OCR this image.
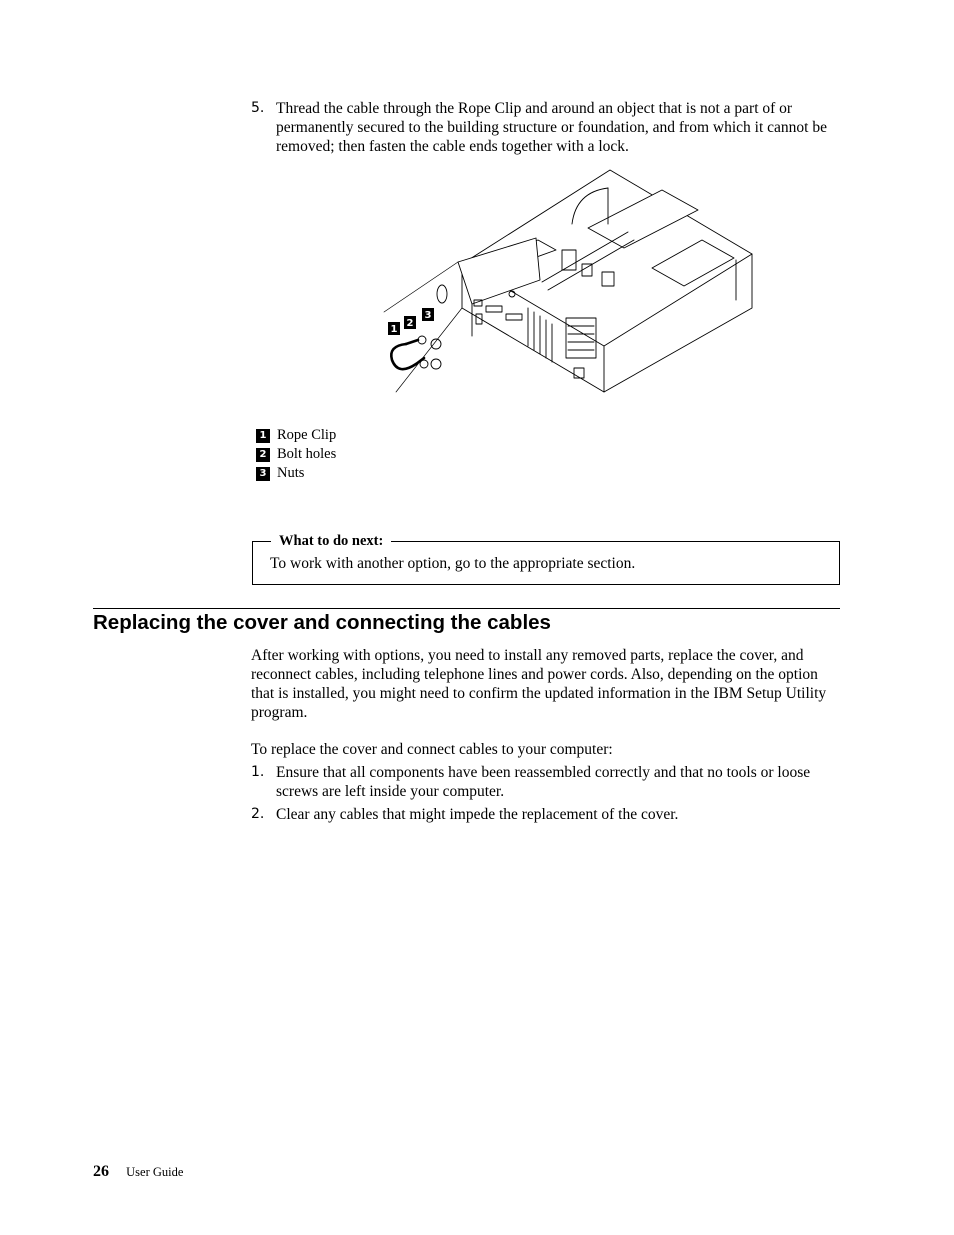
5. Thread the cable through the Rope Clip and around an object that is not a part of or permanently secured to the building structure or foundation, and from which it cannot be removed; then fasten the cable ends together with a lock.
1
2
3
1 Rope Clip
2 Bolt holes
3 Nuts
What to do next:
To work with another option, go to the appropriate section.
Replacing the cover and connecting the cables

After working with options, you need to install any removed parts, replace the cover, and reconnect cables, including telephone lines and power cords. Also, depending on the option that is installed, you might need to confirm the updated information in the IBM Setup Utility program.

To replace the cover and connect cables to your computer:

1. Ensure that all components have been reassembled correctly and that no tools or loose screws are left inside your computer.
2. Clear any cables that might impede the replacement of the cover.
26 User Guide
